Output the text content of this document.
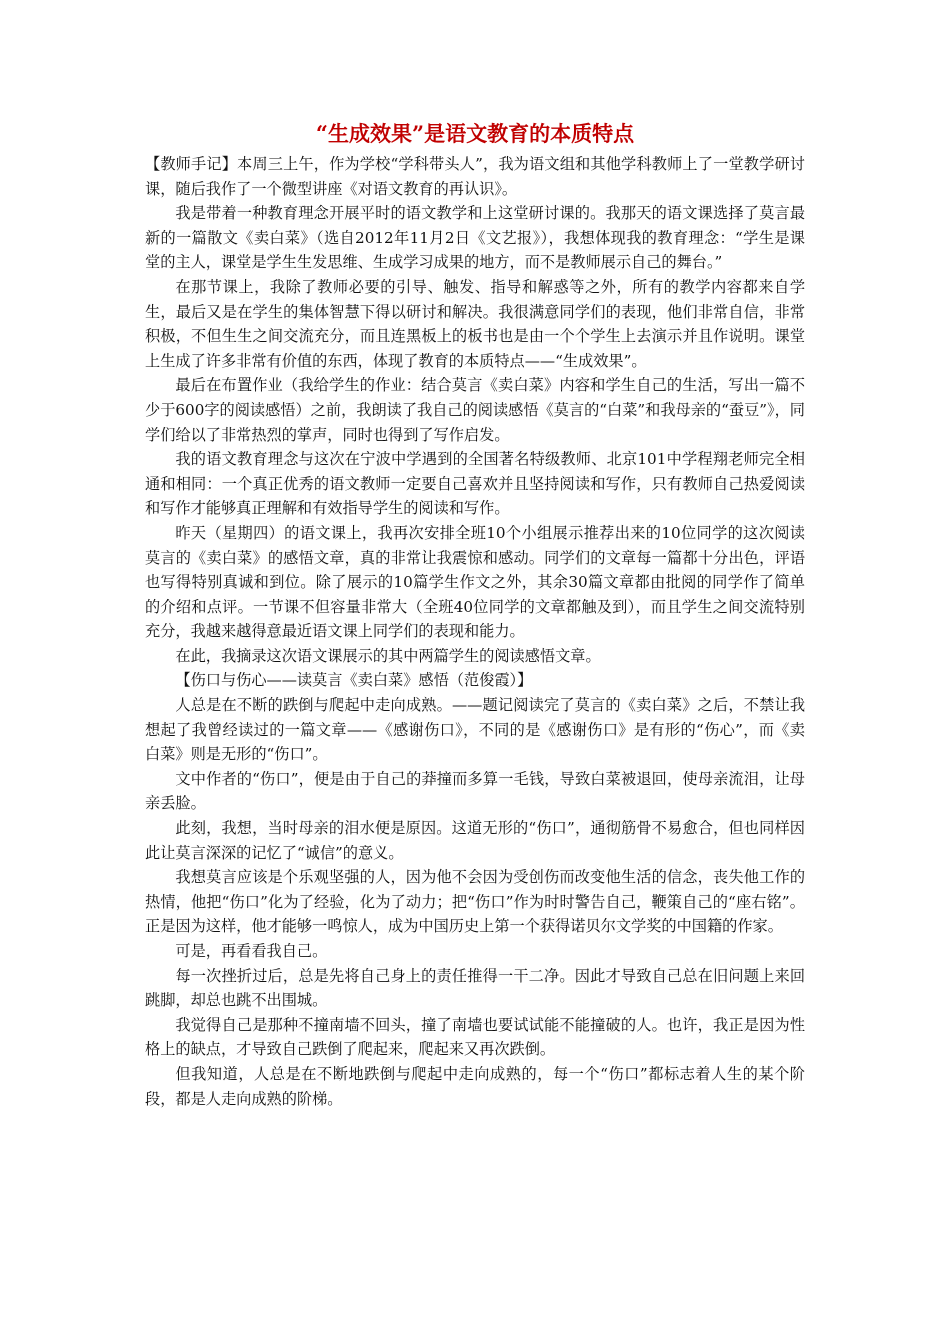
“生成效果”是语文教育的本质特点

【教师手记】本周三上午，作为学校“学科带头人”，我为语文组和其他学科教师上了一堂教学研讨课，随后我作了一个微型讲座《对语文教育的再认识》。

我是带着一种教育理念开展平时的语文教学和上这堂研讨课的。我那天的语文课选择了莫言最新的一篇散文《卖白菜》（选自2012年11月2日《文艺报》），我想体现我的教育理念：“学生是课堂的主人，课堂是学生生发思维、生成学习成果的地方，而不是教师展示自己的舞台。”

在那节课上，我除了教师必要的引导、触发、指导和解惑等之外，所有的教学内容都来自学生，最后又是在学生的集体智慧下得以研讨和解决。我很满意同学们的表现，他们非常自信，非常积极，不但生生之间交流充分，而且连黑板上的板书也是由一个个学生上去演示并且作说明。课堂上生成了许多非常有价值的东西，体现了教育的本质特点——“生成效果”。

最后在布置作业（我给学生的作业：结合莫言《卖白菜》内容和学生自己的生活，写出一篇不少于600字的阅读感悟）之前，我朗读了我自己的阅读感悟《莫言的“白菜”和我母亲的“蚕豆”》，同学们给以了非常热烈的掌声，同时也得到了写作启发。

我的语文教育理念与这次在宁波中学遇到的全国著名特级教师、北京101中学程翔老师完全相通和相同：一个真正优秀的语文教师一定要自己喜欢并且坚持阅读和写作，只有教师自己热爱阅读和写作才能够真正理解和有效指导学生的阅读和写作。

昨天（星期四）的语文课上，我再次安排全班10个小组展示推荐出来的10位同学的这次阅读莫言的《卖白菜》的感悟文章，真的非常让我震惊和感动。同学们的文章每一篇都十分出色，评语也写得特别真诚和到位。除了展示的10篇学生作文之外，其余30篇文章都由批阅的同学作了简单的介绍和点评。一节课不但容量非常大（全班40位同学的文章都触及到），而且学生之间交流特别充分，我越来越得意最近语文课上同学们的表现和能力。

在此，我摘录这次语文课展示的其中两篇学生的阅读感悟文章。

【伤口与伤心——读莫言《卖白菜》感悟（范俊霞）】

人总是在不断的跌倒与爬起中走向成熟。——题记阅读完了莫言的《卖白菜》之后，不禁让我想起了我曾经读过的一篇文章——《感谢伤口》，不同的是《感谢伤口》是有形的“伤心”，而《卖白菜》则是无形的“伤口”。

文中作者的“伤口”，便是由于自己的莽撞而多算一毛钱，导致白菜被退回，使母亲流泪，让母亲丢脸。

此刻，我想，当时母亲的泪水便是原因。这道无形的“伤口”，通彻筋骨不易愈合，但也同样因此让莫言深深的记忆了“诚信”的意义。

我想莫言应该是个乐观坚强的人，因为他不会因为受创伤而改变他生活的信念，丧失他工作的热情，他把“伤口”化为了经验，化为了动力；把“伤口”作为时时警告自己，鞭策自己的“座右铭”。正是因为这样，他才能够一鸣惊人，成为中国历史上第一个获得诺贝尔文学奖的中国籍的作家。

可是，再看看我自己。

每一次挫折过后，总是先将自己身上的责任推得一干二净。因此才导致自己总在旧问题上来回跳脚，却总也跳不出围城。

我觉得自己是那种不撞南墙不回头，撞了南墙也要试试能不能撞破的人。也许，我正是因为性格上的缺点，才导致自己跌倒了爬起来，爬起来又再次跌倒。

但我知道，人总是在不断地跌倒与爬起中走向成熟的，每一个“伤口”都标志着人生的某个阶段，都是人走向成熟的阶梯。
